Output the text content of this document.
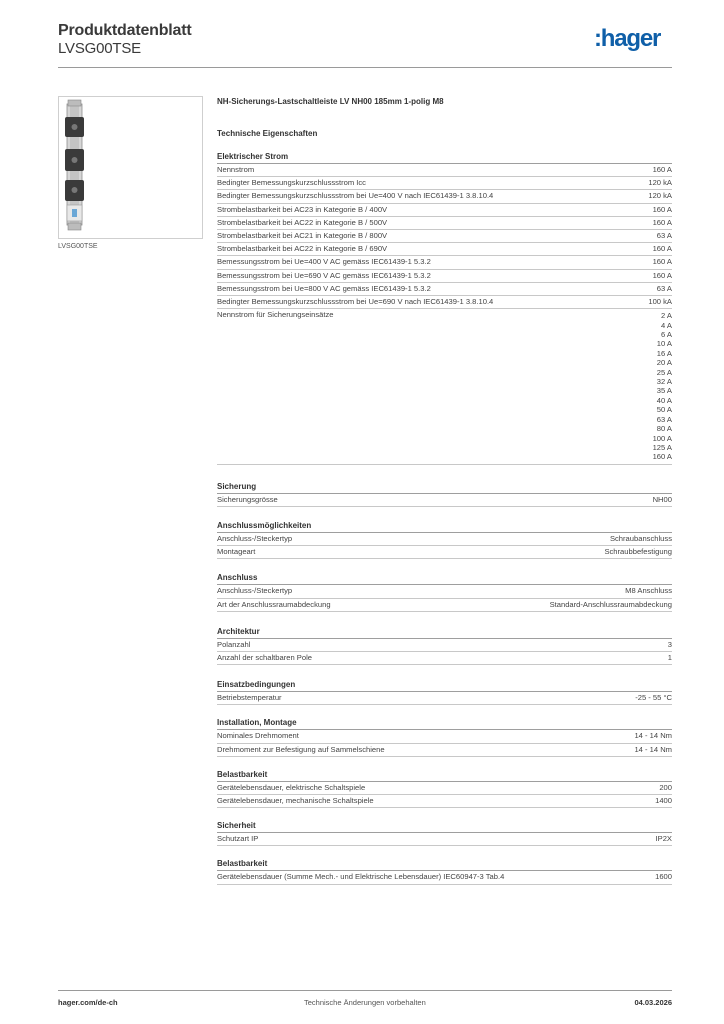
Produktdatenblatt
LVSG00TSE	:hager
LVSG00TSE
NH-Sicherungs-Lastschaltleiste LV NH00 185mm 1-polig M8
Technische Eigenschaften
Elektrischer Strom
Nennstrom	160 A
Bedingter Bemessungskurzschlussstrom Icc	120 kA
Bedingter Bemessungskurzschlussstrom bei Ue=400 V nach IEC61439-1 3.8.10.4	120 kA
Strombelastbarkeit bei AC23 in Kategorie B / 400V	160 A
Strombelastbarkeit bei AC22 in Kategorie B / 500V	160 A
Strombelastbarkeit bei AC21 in Kategorie B / 800V	63 A
Strombelastbarkeit bei AC22 in Kategorie B / 690V	160 A
Bemessungsstrom bei Ue=400 V AC gemäss IEC61439-1 5.3.2	160 A
Bemessungsstrom bei Ue=690 V AC gemäss IEC61439-1 5.3.2	160 A
Bemessungsstrom bei Ue=800 V AC gemäss IEC61439-1 5.3.2	63 A
Bedingter Bemessungskurzschlussstrom bei Ue=690 V nach IEC61439-1 3.8.10.4	100 kA
Nennstrom für Sicherungseinsätze	2 A
4 A
6 A
10 A
16 A
20 A
25 A
32 A
35 A
40 A
50 A
63 A
80 A
100 A
125 A
160 A
Sicherung
Sicherungsgrösse	NH00
Anschlussmöglichkeiten
Anschluss-/Steckertyp	Schraubanschluss
Montageart	Schraubbefestigung
Anschluss
Anschluss-/Steckertyp	M8 Anschluss
Art der Anschlussraumabdeckung	Standard-Anschlussraumabdeckung
Architektur
Polanzahl	3
Anzahl der schaltbaren Pole	1
Einsatzbedingungen
Betriebstemperatur	-25 - 55 °C
Installation, Montage
Nominales Drehmoment	14 - 14 Nm
Drehmoment zur Befestigung auf Sammelschiene	14 - 14 Nm
Belastbarkeit
Gerätelebensdauer, elektrische Schaltspiele	200
Gerätelebensdauer, mechanische Schaltspiele	1400
Sicherheit
Schutzart IP	IP2X
Belastbarkeit
Gerätelebensdauer (Summe Mech.- und Elektrische Lebensdauer) IEC60947-3 Tab.4	1600
hager.com/de-ch	Technische Änderungen vorbehalten	04.03.2026
